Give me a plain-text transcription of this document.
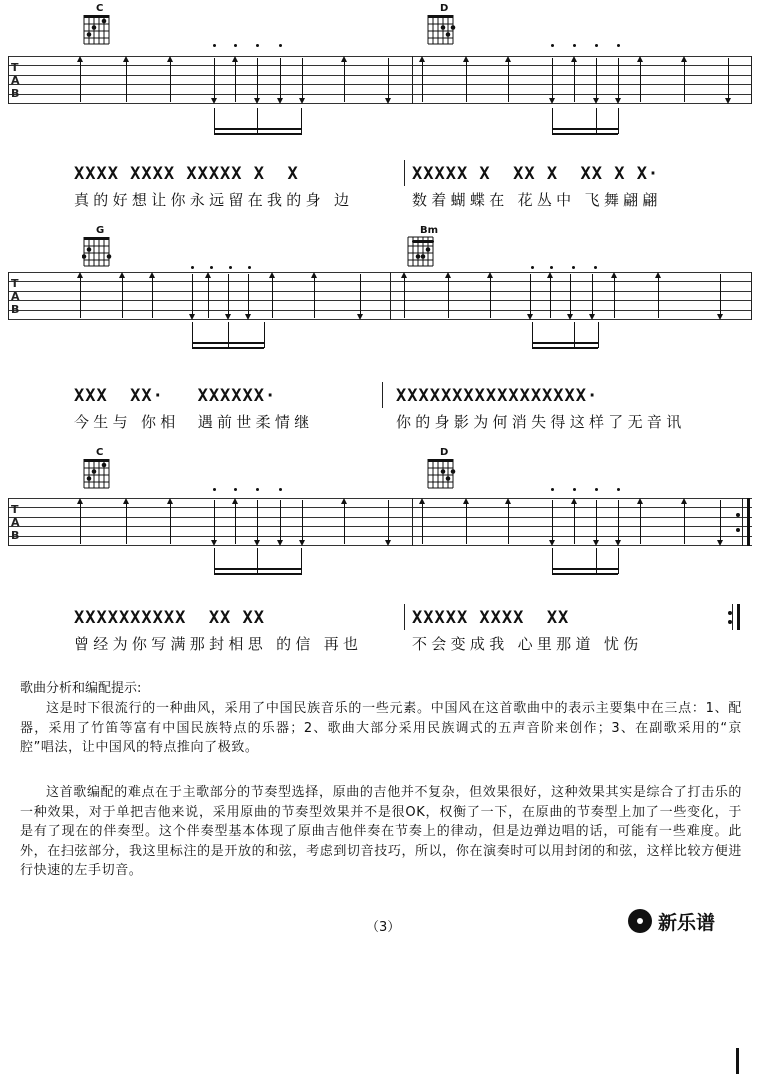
C	D
T
A
B
XXXX XXXX XXXXX X  X	XXXXX X  XX X  XX X X·
真的好想让你永远留在我的身 边	数着蝴蝶在 花丛中 飞舞翩翩
G	Bm
T
A
B
XXX  XX·   XXXXXX·	XXXXXXXXXXXXXXXXX·
今生与 你相  遇前世柔情继	你的身影为何消失得这样了无音讯
C	D
T
A
B
XXXXXXXXXX  XX XX	XXXXX XXXX  XX
曾经为你写满那封相思 的信 再也	不会变成我 心里那道 忧伤
歌曲分析和编配提示:

这是时下很流行的一种曲风，采用了中国民族音乐的一些元素。中国风在这首歌曲中的表示主要集中在三点：1、配器，采用了竹笛等富有中国民族特点的乐器；2、歌曲大部分采用民族调式的五声音阶来创作；3、在副歌采用的“京腔”唱法，让中国风的特点推向了极致。

这首歌编配的难点在于主歌部分的节奏型选择，原曲的吉他并不复杂，但效果很好，这种效果其实是综合了打击乐的一种效果，对于单把吉他来说，采用原曲的节奏型效果并不是很OK，权衡了一下，在原曲的节奏型上加了一些变化，于是有了现在的伴奏型。这个伴奏型基本体现了原曲吉他伴奏在节奏上的律动，但是边弹边唱的话，可能有一些难度。此外，在扫弦部分，我这里标注的是开放的和弦，考虑到切音技巧，所以，你在演奏时可以用封闭的和弦，这样比较方便进行快速的左手切音。

（3）	新乐谱
